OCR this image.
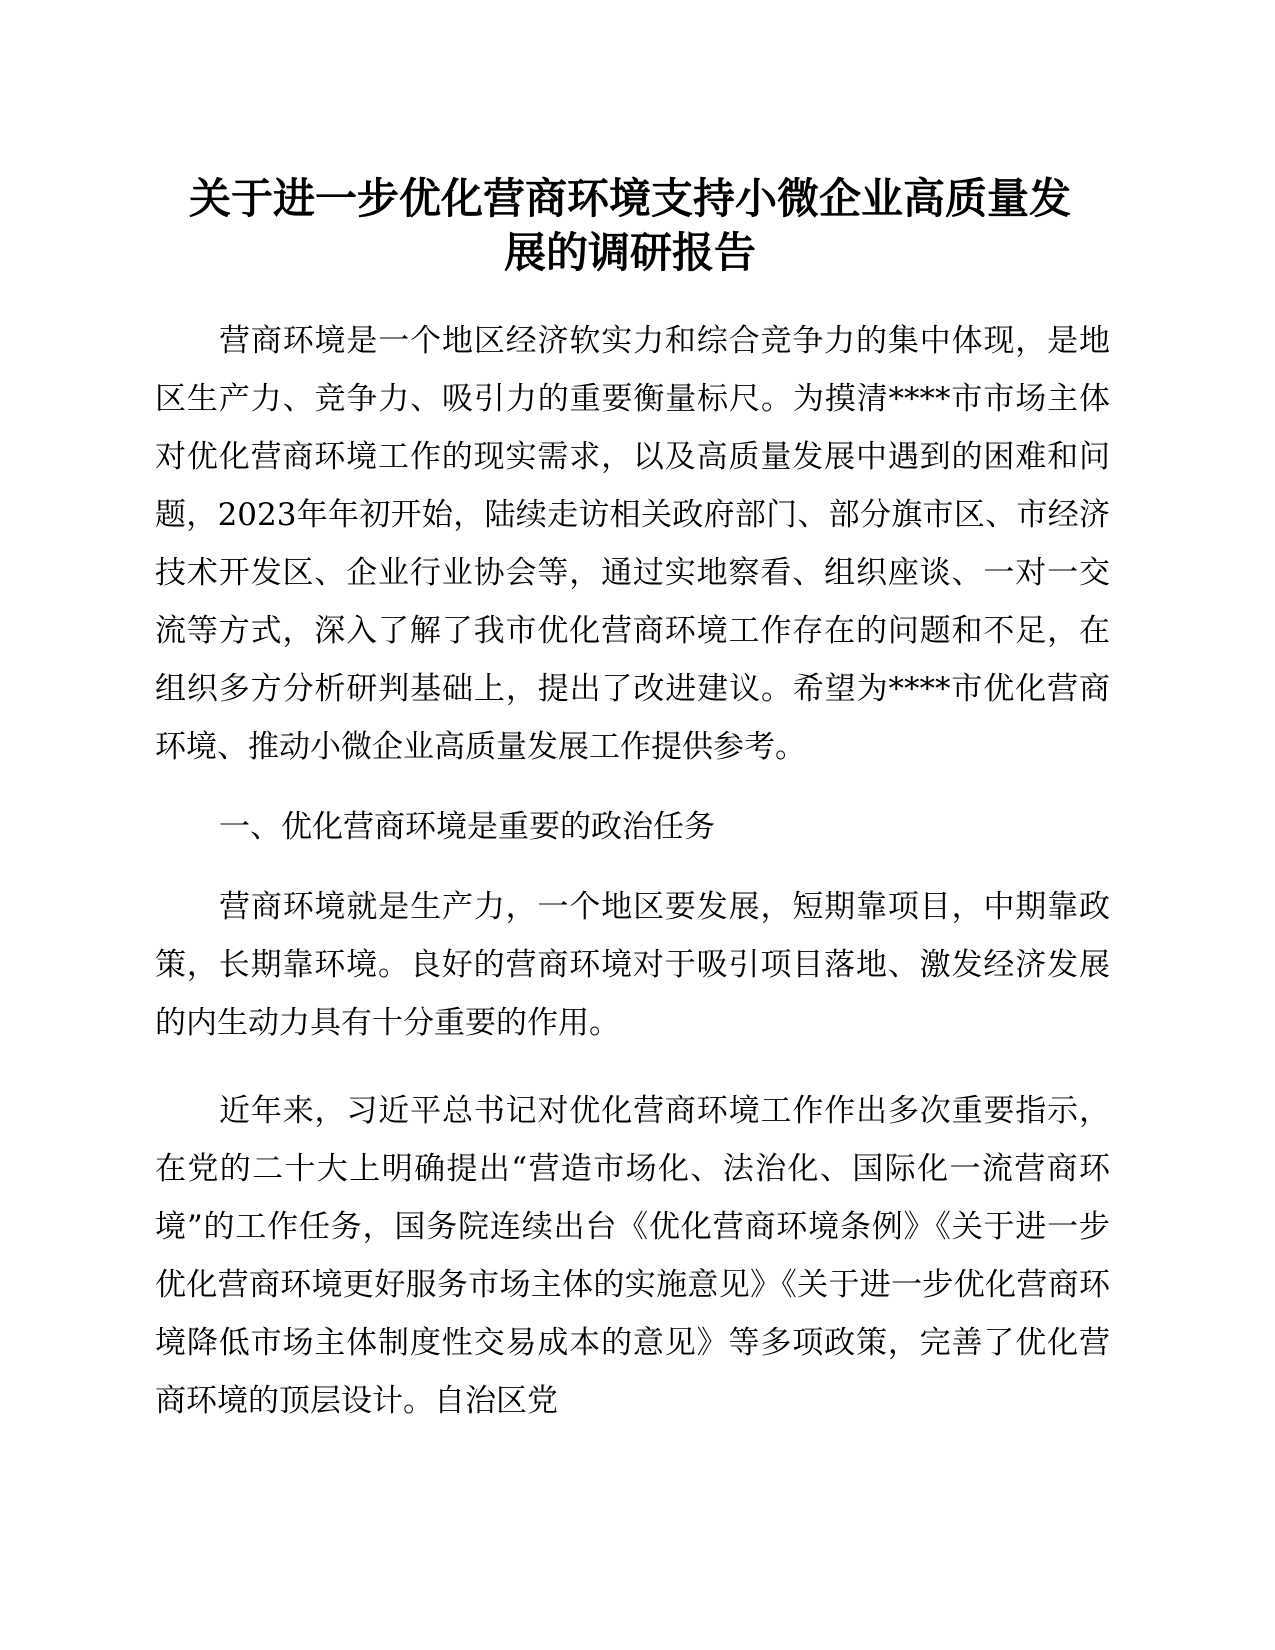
关于进一步优化营商环境支持小微企业高质量发
展的调研报告

营商环境是一个地区经济软实力和综合竞争力的集中体现，是地区生产力、竞争力、吸引力的重要衡量标尺。为摸清****市市场主体对优化营商环境工作的现实需求，以及高质量发展中遇到的困难和问题，2023年年初开始，陆续走访相关政府部门、部分旗市区、市经济技术开发区、企业行业协会等，通过实地察看、组织座谈、一对一交流等方式，深入了解了我市优化营商环境工作存在的问题和不足，在组织多方分析研判基础上，提出了改进建议。希望为****市优化营商环境、推动小微企业高质量发展工作提供参考。

一、优化营商环境是重要的政治任务

营商环境就是生产力，一个地区要发展，短期靠项目，中期靠政策，长期靠环境。良好的营商环境对于吸引项目落地、激发经济发展的内生动力具有十分重要的作用。

近年来，习近平总书记对优化营商环境工作作出多次重要指示，在党的二十大上明确提出“营造市场化、法治化、国际化一流营商环境”的工作任务，国务院连续出台《优化营商环境条例》《关于进一步优化营商环境更好服务市场主体的实施意见》《关于进一步优化营商环境降低市场主体制度性交易成本的意见》等多项政策，完善了优化营商环境的顶层设计。自治区党
